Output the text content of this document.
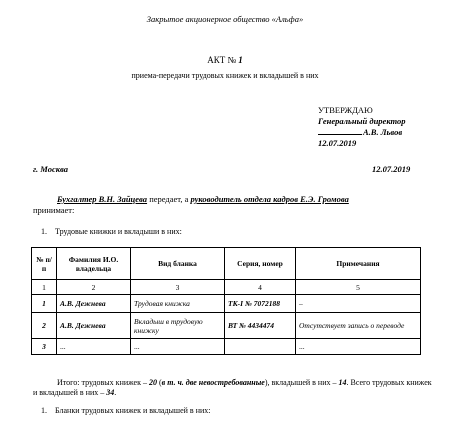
Закрытое акционерное общество «Альфа»
АКТ № 1
приема-передачи трудовых книжек и вкладышей в них
УТВЕРЖДАЮ
Генеральный директор
А.В. Львов
12.07.2019
г. Москва	12.07.2019
Бухгалтер В.Н. Зайцева передает, а руководитель отдела кадров Е.Э. Громова
принимает:
1. Трудовые книжки и вкладыши в них:
№ п/п	Фамилия И.О. владельца	Вид бланка	Серия, номер	Примечания
1	2	3	4	5
1	А.В. Дежнева	Трудовая книжка	ТК-I № 7072188	–
2	А.В. Дежнева	Вкладыш в трудовую книжку	ВТ № 4434474	Отсутствует запись о переводе
3	...	...		...
Итого: трудовых книжек – 20 (в т. ч. две невостребованные), вкладышей в них – 14. Всего трудовых книжек и вкладышей в них – 34.
1. Бланки трудовых книжек и вкладышей в них:
